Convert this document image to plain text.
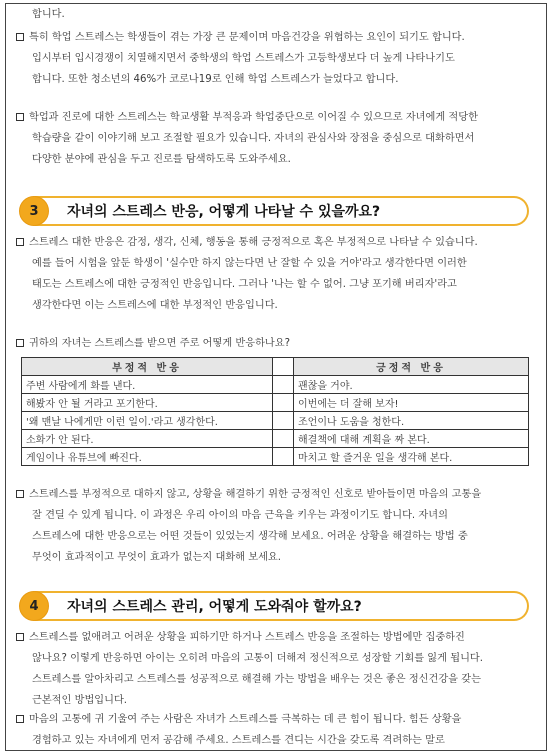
합니다.
특히 학업 스트레스는 학생들이 겪는 가장 큰 문제이며 마음건강을 위협하는 요인이 되기도 합니다.
입시부터 입시경쟁이 치열해지면서 중학생의 학업 스트레스가 고등학생보다 더 높게 나타나기도
합니다. 또한 청소년의 46%가 코로나19로 인해 학업 스트레스가 늘었다고 합니다.
학업과 진로에 대한 스트레스는 학교생활 부적응과 학업중단으로 이어질 수 있으므로 자녀에게 적당한
학습량을 같이 이야기해 보고 조절할 필요가 있습니다. 자녀의 관심사와 장점을 중심으로 대화하면서
다양한 분야에 관심을 두고 진로를 탐색하도록 도와주세요.
3	자녀의 스트레스 반응, 어떻게 나타날 수 있을까요?
스트레스 대한 반응은 감정, 생각, 신체, 행동을 통해 긍정적으로 혹은 부정적으로 나타날 수 있습니다.
예를 들어 시험을 앞둔 학생이 '실수만 하지 않는다면 난 잘할 수 있을 거야'라고 생각한다면 이러한
태도는 스트레스에 대한 긍정적인 반응입니다. 그러나 '나는 할 수 없어. 그냥 포기해 버리자'라고
생각한다면 이는 스트레스에 대한 부정적인 반응입니다.
귀하의 자녀는 스트레스를 받으면 주로 어떻게 반응하나요?
부정적 반응		긍정적 반응
주변 사람에게 화를 낸다.		괜찮을 거야.
해봤자 안 될 거라고 포기한다.		이번에는 더 잘해 보자!
'왜 맨날 나에게만 이런 일이.'라고 생각한다.		조언이나 도움을 청한다.
소화가 안 된다.		해결책에 대해 계획을 짜 본다.
게임이나 유튜브에 빠진다.		마치고 할 즐거운 일을 생각해 본다.
스트레스를 부정적으로 대하지 않고, 상황을 해결하기 위한 긍정적인 신호로 받아들이면 마음의 고통을
잘 견딜 수 있게 됩니다. 이 과정은 우리 아이의 마음 근육을 키우는 과정이기도 합니다. 자녀의
스트레스에 대한 반응으로는 어떤 것들이 있었는지 생각해 보세요. 어려운 상황을 해결하는 방법 중
무엇이 효과적이고 무엇이 효과가 없는지 대화해 보세요.
4	자녀의 스트레스 관리, 어떻게 도와줘야 할까요?
스트레스를 없애려고 어려운 상황을 피하기만 하거나 스트레스 반응을 조절하는 방법에만 집중하진
않나요? 이렇게 반응하면 아이는 오히려 마음의 고통이 더해져 정신적으로 성장할 기회를 잃게 됩니다.
스트레스를 알아차리고 스트레스를 성공적으로 해결해 가는 방법을 배우는 것은 좋은 정신건강을 갖는
근본적인 방법입니다.
마음의 고통에 귀 기울여 주는 사람은 자녀가 스트레스를 극복하는 데 큰 힘이 됩니다. 힘든 상황을
경험하고 있는 자녀에게 먼저 공감해 주세요. 스트레스를 견디는 시간을 갖도록 격려하는 말로
